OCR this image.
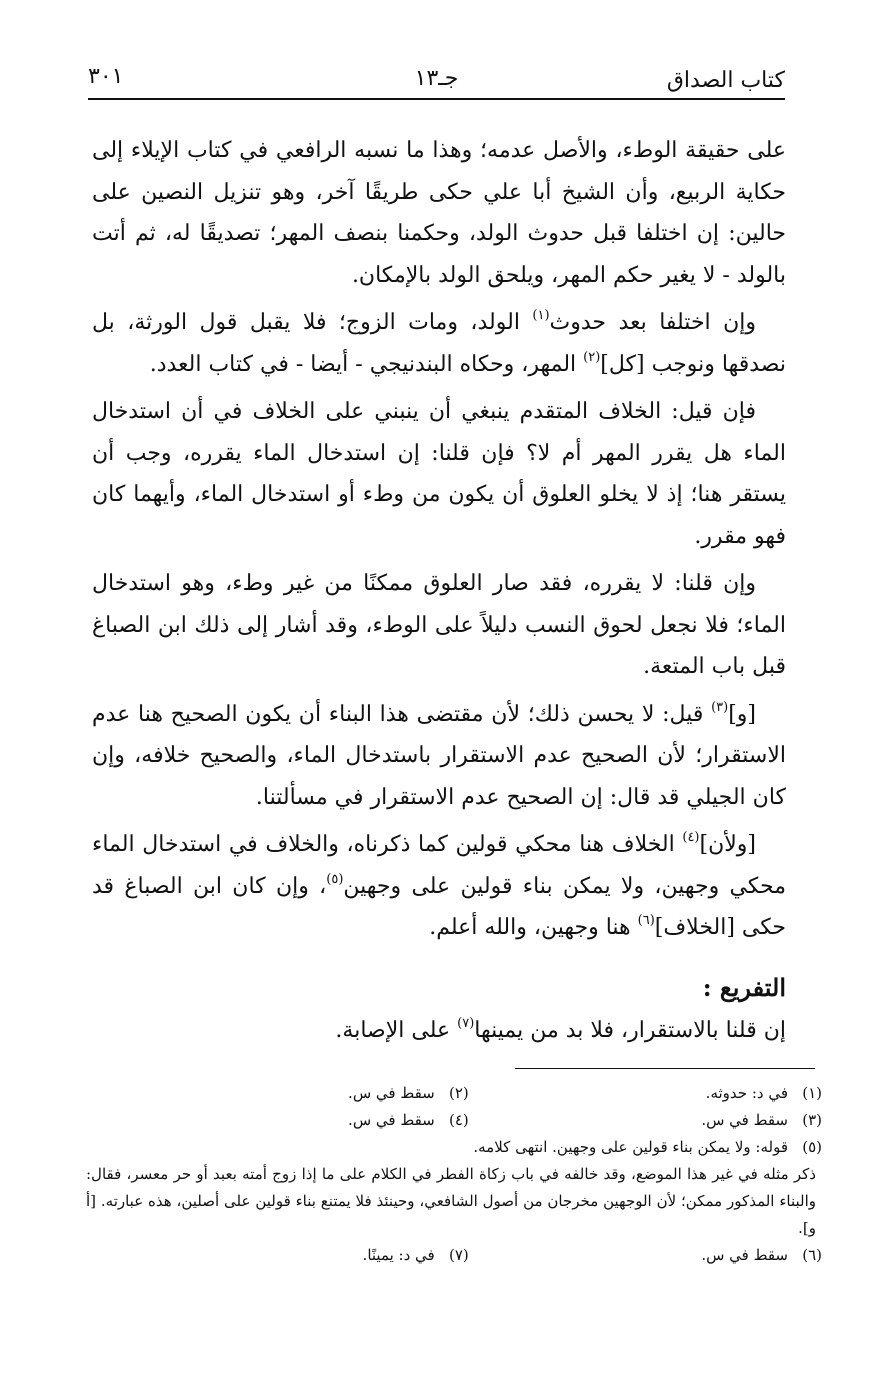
كتاب الصداق
جـ١٣
٣٠١

على حقيقة الوطء، والأصل عدمه؛ وهذا ما نسبه الرافعي في كتاب الإيلاء إلى حكاية الربيع، وأن الشيخ أبا علي حكى طريقًا آخر، وهو تنزيل النصين على حالين: إن اختلفا قبل حدوث الولد، وحكمنا بنصف المهر؛ تصديقًا له، ثم أتت بالولد - لا يغير حكم المهر، ويلحق الولد بالإمكان.

وإن اختلفا بعد حدوث$^{(١)}$ الولد، ومات الزوج؛ فلا يقبل قول الورثة، بل نصدقها ونوجب [كل]$^{(٢)}$ المهر، وحكاه البندنيجي - أيضا - في كتاب العدد.

فإن قيل: الخلاف المتقدم ينبغي أن ينبني على الخلاف في أن استدخال الماء هل يقرر المهر أم لا؟ فإن قلنا: إن استدخال الماء يقرره، وجب أن يستقر هنا؛ إذ لا يخلو العلوق أن يكون من وطء أو استدخال الماء، وأيهما كان فهو مقرر.

وإن قلنا: لا يقرره، فقد صار العلوق ممكنًا من غير وطء، وهو استدخال الماء؛ فلا نجعل لحوق النسب دليلاً على الوطء، وقد أشار إلى ذلك ابن الصباغ قبل باب المتعة.

[و]$^{(٣)}$ قيل: لا يحسن ذلك؛ لأن مقتضى هذا البناء أن يكون الصحيح هنا عدم الاستقرار؛ لأن الصحيح عدم الاستقرار باستدخال الماء، والصحيح خلافه، وإن كان الجيلي قد قال: إن الصحيح عدم الاستقرار في مسألتنا.

[ولأن]$^{(٤)}$ الخلاف هنا محكي قولين كما ذكرناه، والخلاف في استدخال الماء محكي وجهين، ولا يمكن بناء قولين على وجهين$^{(٥)}$، وإن كان ابن الصباغ قد حكى [الخلاف]$^{(٦)}$ هنا وجهين، والله أعلم.

التفريع :

إن قلنا بالاستقرار، فلا بد من يمينها$^{(٧)}$ على الإصابة.

(١)في د: حدوثه.
(٢)سقط في س.
(٣)سقط في س.
(٤)سقط في س.
(٥)قوله: ولا يمكن بناء قولين على وجهين. انتهى كلامه.
ذكر مثله في غير هذا الموضع، وقد خالفه في باب زكاة الفطر في الكلام على ما إذا زوج أمته بعبد أو حر معسر، فقال: والبناء المذكور ممكن؛ لأن الوجهين مخرجان من أصول الشافعي، وحينئذ فلا يمتنع بناء قولين على أصلين، هذه عبارته. [أ و].
(٦)سقط في س.
(٧)في د: يمينًا.
